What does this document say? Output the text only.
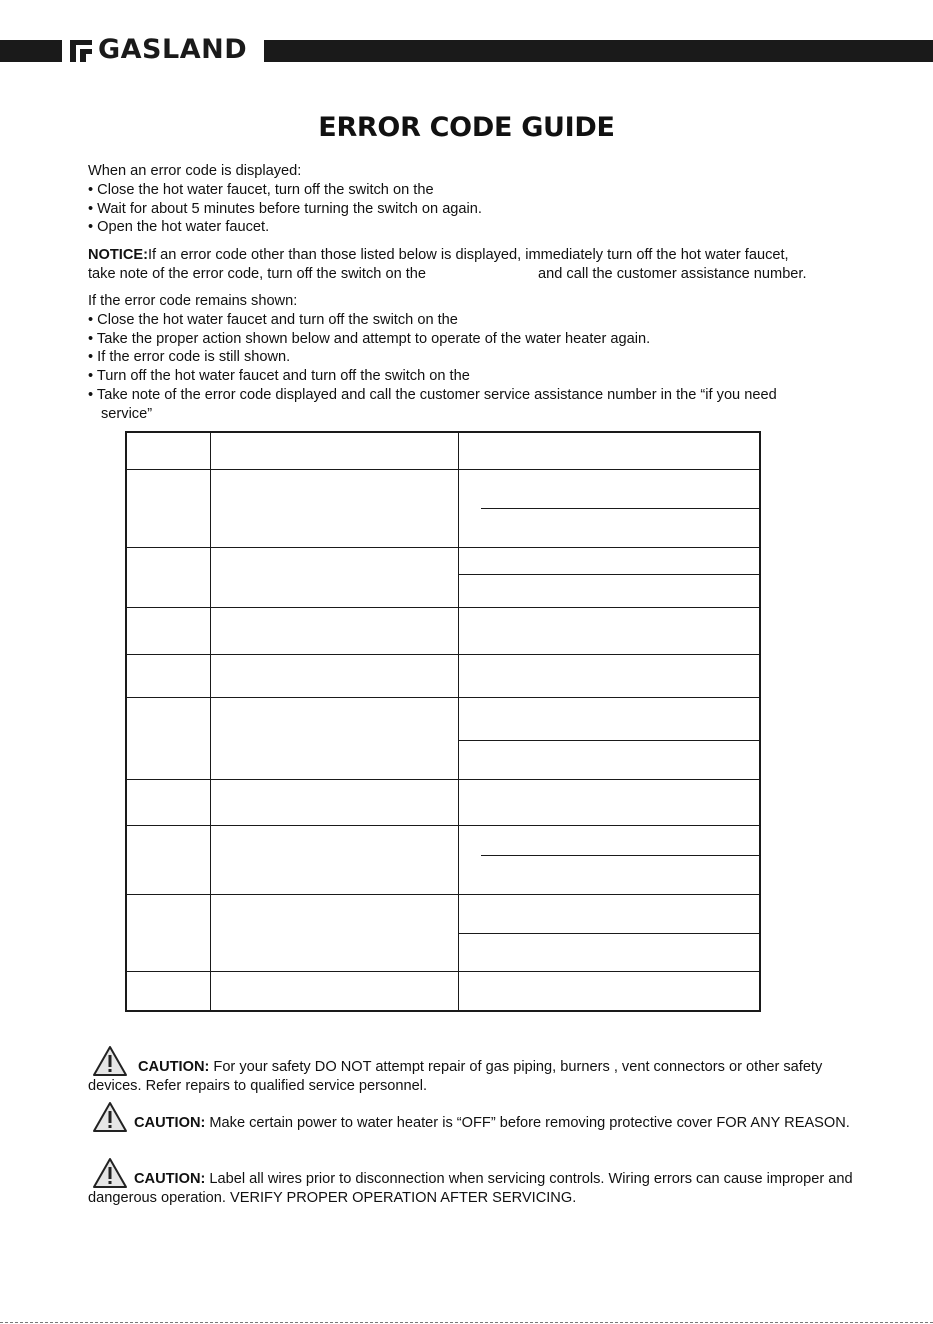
GASLAND
ERROR CODE GUIDE

When an error code is displayed:

• Close the hot water faucet, turn off the switch on the

• Wait for about 5 minutes before turning the switch on again.

• Open the hot water faucet.

NOTICE:If an error code other than those listed below is displayed, immediately turn off the hot water faucet,

take note of the error code, turn off the switch on the	and call the customer assistance number.

If the error code remains shown:

• Close the hot water faucet and turn off the switch on the

• Take the proper action shown below and attempt to operate of the water heater again.

• If the error code is still shown.

• Turn off the hot water faucet and turn off the switch on the

• Take note of the error code displayed and call the customer service assistance number in the “if you need

service”

CAUTION: For your safety DO NOT attempt repair of gas piping, burners , vent connectors or other safety devices. Refer repairs to qualified service personnel.

CAUTION: Make certain power to water heater is “OFF” before removing protective cover FOR ANY REASON.

CAUTION: Label all wires prior to disconnection when servicing controls. Wiring errors can cause improper and dangerous operation. VERIFY PROPER OPERATION AFTER SERVICING.
